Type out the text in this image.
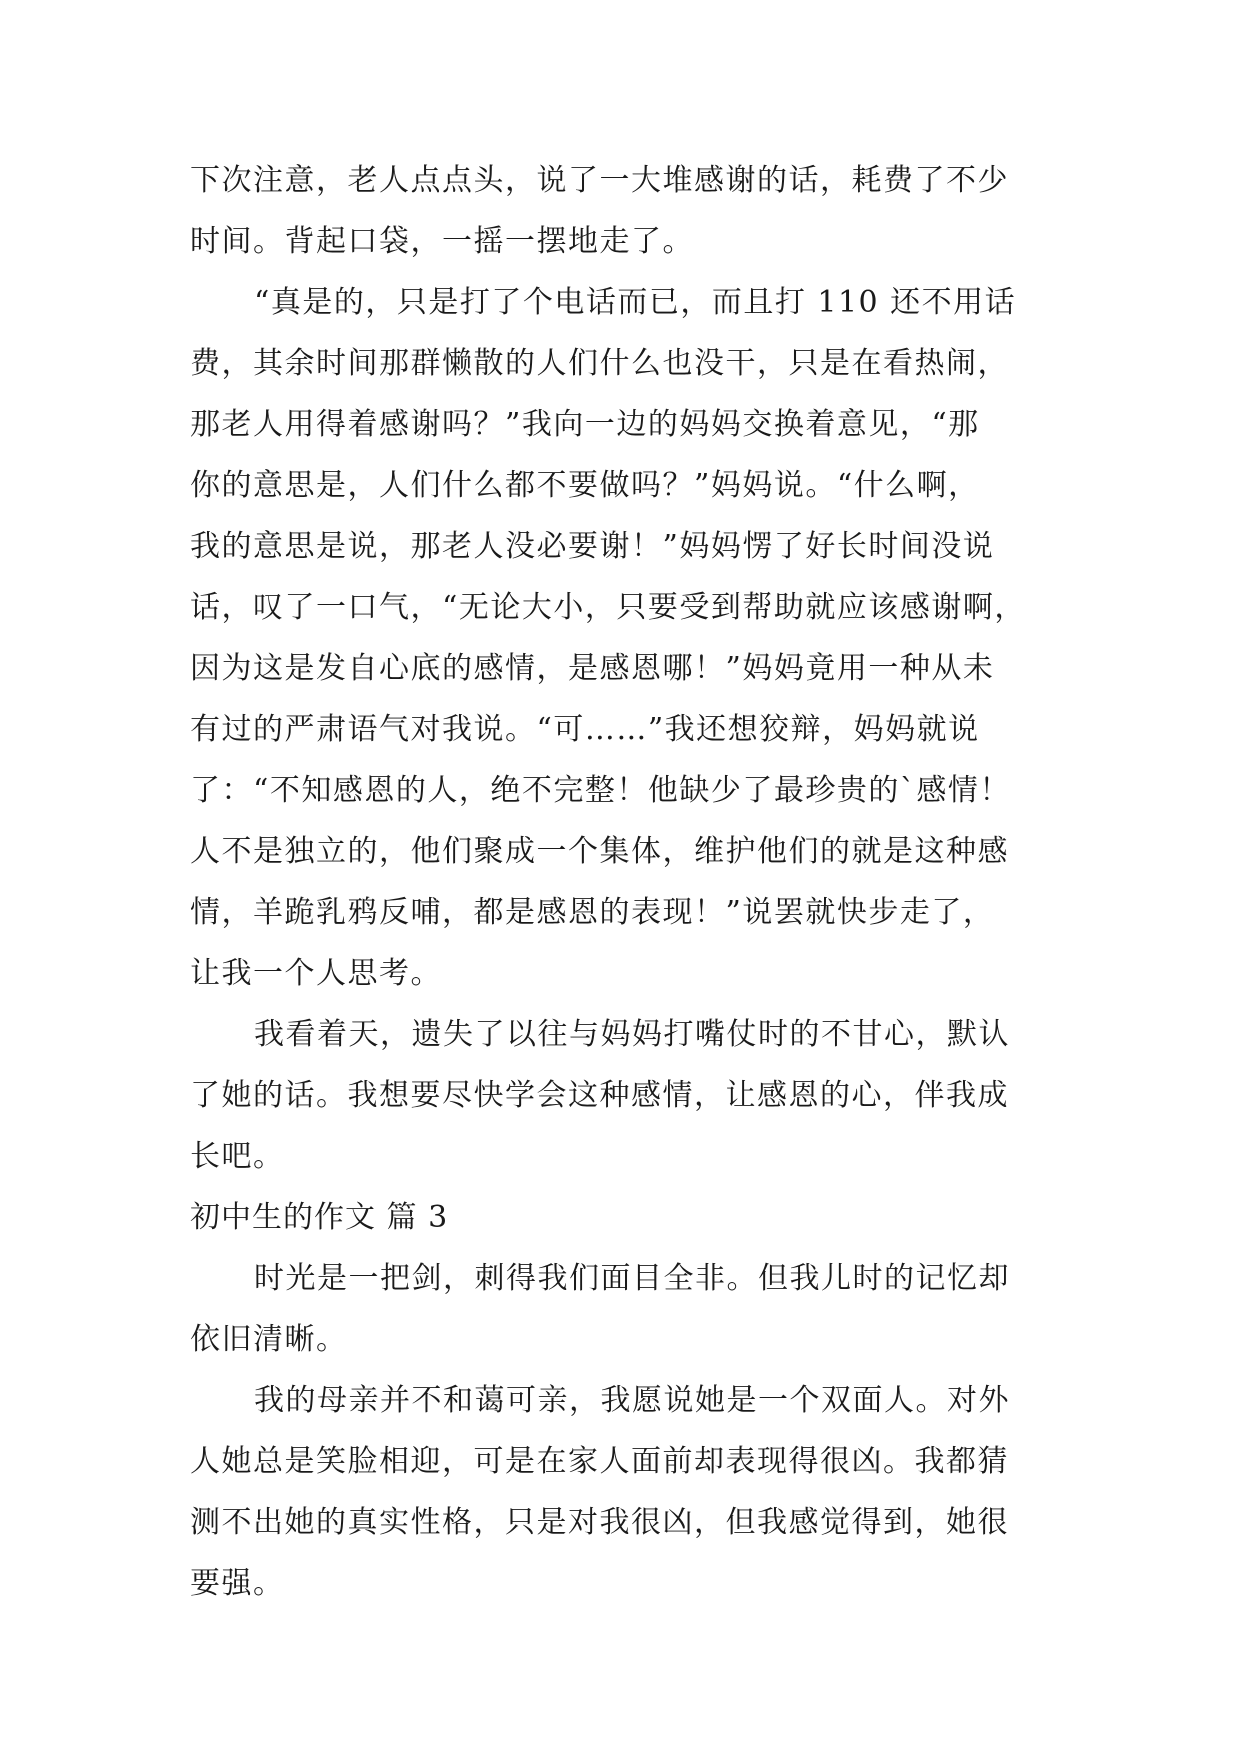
下次注意，老人点点头，说了一大堆感谢的话，耗费了不少
时间。背起口袋，一摇一摆地走了。
“真是的，只是打了个电话而已，而且打 110 还不用话
费，其余时间那群懒散的人们什么也没干，只是在看热闹，
那老人用得着感谢吗？”我向一边的妈妈交换着意见，“那
你的意思是，人们什么都不要做吗？”妈妈说。“什么啊，
我的意思是说，那老人没必要谢！”妈妈愣了好长时间没说
话，叹了一口气，“无论大小，只要受到帮助就应该感谢啊，
因为这是发自心底的感情，是感恩哪！”妈妈竟用一种从未
有过的严肃语气对我说。“可……”我还想狡辩，妈妈就说
了：“不知感恩的人，绝不完整！他缺少了最珍贵的`感情！
人不是独立的，他们聚成一个集体，维护他们的就是这种感
情，羊跪乳鸦反哺，都是感恩的表现！”说罢就快步走了，
让我一个人思考。
我看着天，遗失了以往与妈妈打嘴仗时的不甘心，默认
了她的话。我想要尽快学会这种感情，让感恩的心，伴我成
长吧。
初中生的作文 篇 3
时光是一把剑，刺得我们面目全非。但我儿时的记忆却
依旧清晰。
我的母亲并不和蔼可亲，我愿说她是一个双面人。对外
人她总是笑脸相迎，可是在家人面前却表现得很凶。我都猜
测不出她的真实性格，只是对我很凶，但我感觉得到，她很
要强。
